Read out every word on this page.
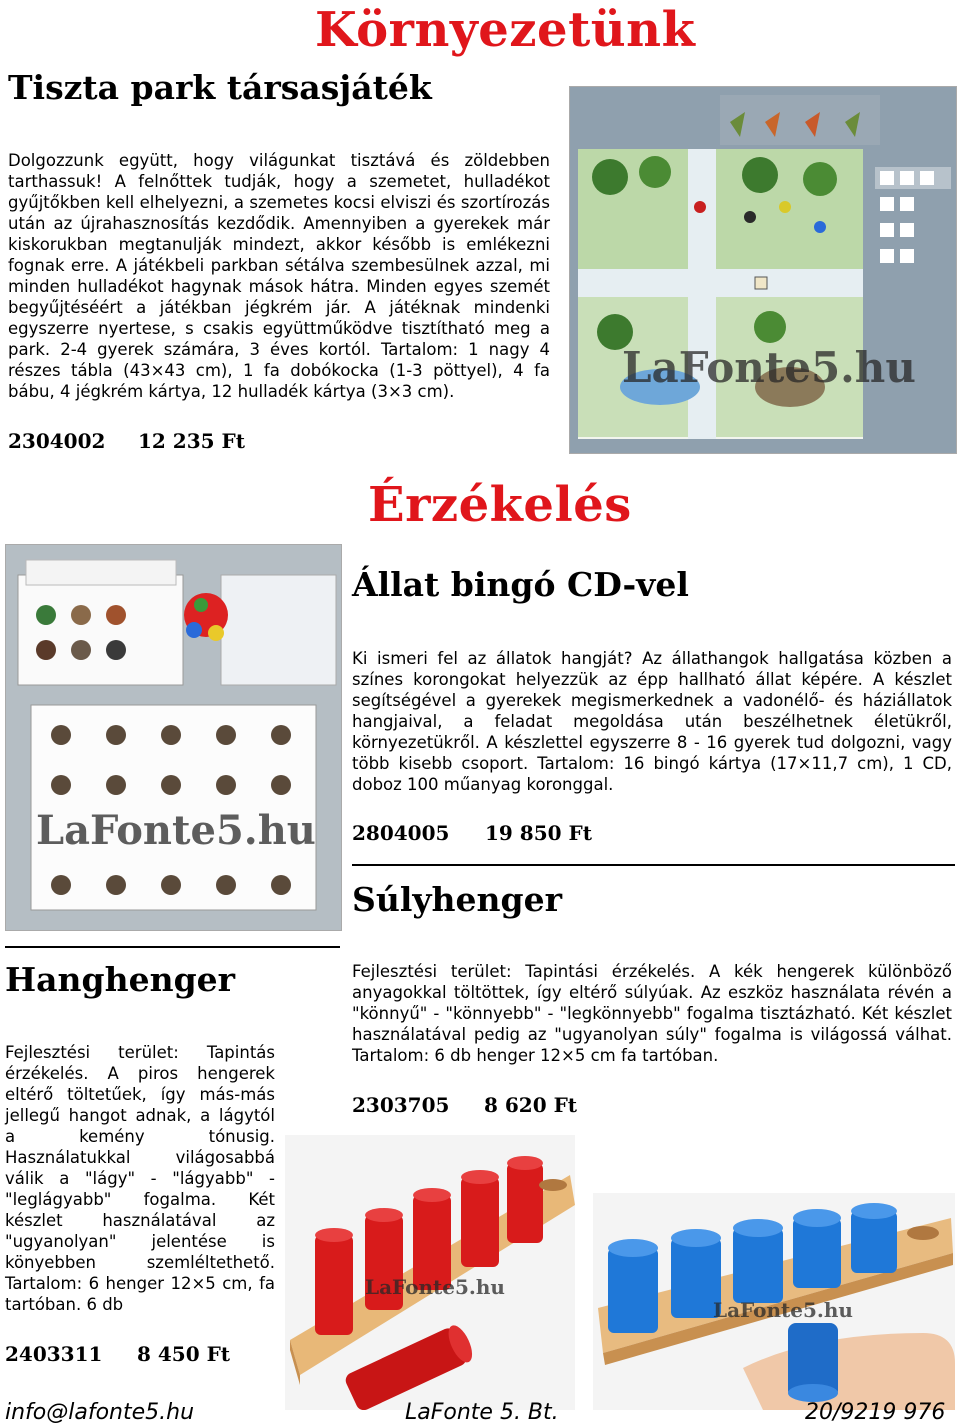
Környezetünk
Tiszta park társasjáték

Dolgozzunk együtt, hogy világunkat tisztává és zöldebben tarthassuk! A felnőttek tudják, hogy a szemetet, hulladékot gyűjtőkben kell elhelyezni, a szemetes kocsi elviszi és szortírozás után az újrahasznosítás kezdődik. Amennyiben a gyerekek már kiskorukban megtanulják mindezt, akkor később is emlékezni fognak erre. A játékbeli parkban sétálva szembesülnek azzal, mi minden hulladékot hagynak mások hátra. Minden egyes szemét begyűjtéséért a játékban jégkrém jár. A játéknak mindenki egyszerre nyertese, s csakis együttműködve tisztítható meg a park. 2-4 gyerek számára, 3 éves kortól. Tartalom: 1 nagy 4 részes tábla (43×43 cm), 1 fa dobókocka (1-3 pöttyel), 4 fa bábu, 4 jégkrém kártya, 12 hulladék kártya (3×3 cm).

2304002 12 235 Ft
LaFonte5.hu
Érzékelés
LaFonte5.hu
Állat bingó CD-vel

Ki ismeri fel az állatok hangját? Az állathangok hallgatása közben a színes korongokat helyezzük az épp hallható állat képére. A készlet segítségével a gyerekek megismerkednek a vadonélő- és háziállatok hangjaival, a feladat megoldása után beszélhetnek életükről, környezetükről. A készlettel egyszerre 8 - 16 gyerek tud dolgozni, vagy több kisebb csoport. Tartalom: 16 bingó kártya (17×11,7 cm), 1 CD, doboz 100 műanyag koronggal.

2804005 19 850 Ft
Súlyhenger

Fejlesztési terület: Tapintási érzékelés. A kék hengerek különböző anyagokkal töltöttek, így eltérő súlyúak. Az eszköz használata révén a "könnyű" - "könnyebb" - "legkönnyebb" fogalma tisztázható. Két készlet használatával pedig az "ugyanolyan súly" fogalma is világossá válhat. Tartalom: 6 db henger 12×5 cm fa tartóban.

2303705 8 620 Ft
Hanghenger

Fejlesztési terület: Tapintás érzékelés. A piros hengerek eltérő töltetűek, így más-más jellegű hangot adnak, a lágytól a kemény tónusig. Használatukkal világosabbá válik a "lágy" - "lágyabb" - "leglágyabb" fogalma. Két készlet használatával az "ugyanolyan" jelentése is könyebben szemléltethető. Tartalom: 6 henger 12×5 cm, fa tartóban. 6 db

2403311 8 450 Ft
LaFonte5.hu
LaFonte5.hu
info@lafonte5.hu	LaFonte 5. Bt.	20/9219 976
